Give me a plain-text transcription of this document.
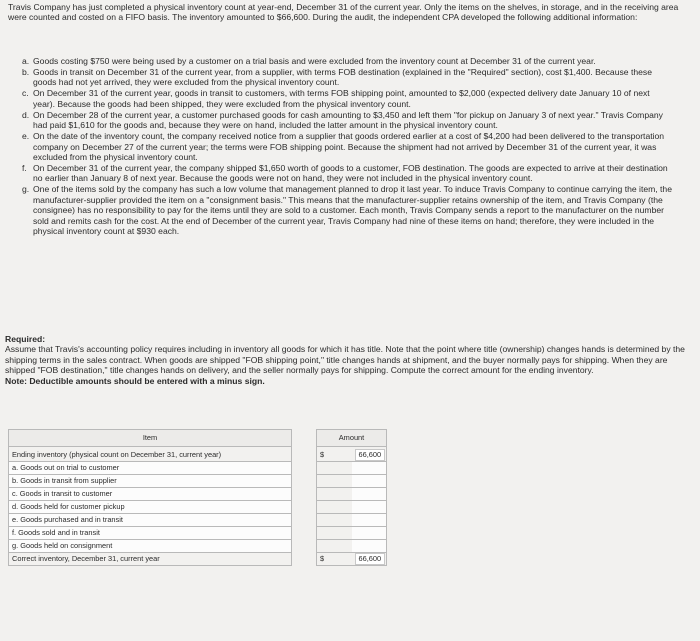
Travis Company has just completed a physical inventory count at year-end, December 31 of the current year. Only the items on the shelves, in storage, and in the receiving area were counted and costed on a FIFO basis. The inventory amounted to $66,600. During the audit, the independent CPA developed the following additional information:

a. Goods costing $750 were being used by a customer on a trial basis and were excluded from the inventory count at December 31 of the current year.
b. Goods in transit on December 31 of the current year, from a supplier, with terms FOB destination (explained in the "Required" section), cost $1,400. Because these goods had not yet arrived, they were excluded from the physical inventory count.
c. On December 31 of the current year, goods in transit to customers, with terms FOB shipping point, amounted to $2,000 (expected delivery date January 10 of next year). Because the goods had been shipped, they were excluded from the physical inventory count.
d. On December 28 of the current year, a customer purchased goods for cash amounting to $3,450 and left them "for pickup on January 3 of next year." Travis Company had paid $1,610 for the goods and, because they were on hand, included the latter amount in the physical inventory count.
e. On the date of the inventory count, the company received notice from a supplier that goods ordered earlier at a cost of $4,200 had been delivered to the transportation company on December 27 of the current year; the terms were FOB shipping point. Because the shipment had not arrived by December 31 of the current year, it was excluded from the physical inventory count.
f. On December 31 of the current year, the company shipped $1,650 worth of goods to a customer, FOB destination. The goods are expected to arrive at their destination no earlier than January 8 of next year. Because the goods were not on hand, they were not included in the physical inventory count.
g. One of the items sold by the company has such a low volume that management planned to drop it last year. To induce Travis Company to continue carrying the item, the manufacturer-supplier provided the item on a "consignment basis." This means that the manufacturer-supplier retains ownership of the item, and Travis Company (the consignee) has no responsibility to pay for the items until they are sold to a customer. Each month, Travis Company sends a report to the manufacturer on the number sold and remits cash for the cost. At the end of December of the current year, Travis Company had nine of these items on hand; therefore, they were included in the physical inventory count at $930 each.

Required:

Assume that Travis's accounting policy requires including in inventory all goods for which it has title. Note that the point where title (ownership) changes hands is determined by the shipping terms in the sales contract. When goods are shipped "FOB shipping point," title changes hands at shipment, and the buyer normally pays for shipping. When they are shipped "FOB destination," title changes hands on delivery, and the seller normally pays for shipping. Compute the correct amount for the ending inventory.

Note: Deductible amounts should be entered with a minus sign.

Item		Amount	
Ending inventory (physical count on December 31, current year)		$	66,600
a. Goods out on trial to customer			
b. Goods in transit from supplier			
c. Goods in transit to customer			
d. Goods held for customer pickup			
e. Goods purchased and in transit			
f. Goods sold and in transit			
g. Goods held on consignment			
Correct inventory, December 31, current year		$	66,600
